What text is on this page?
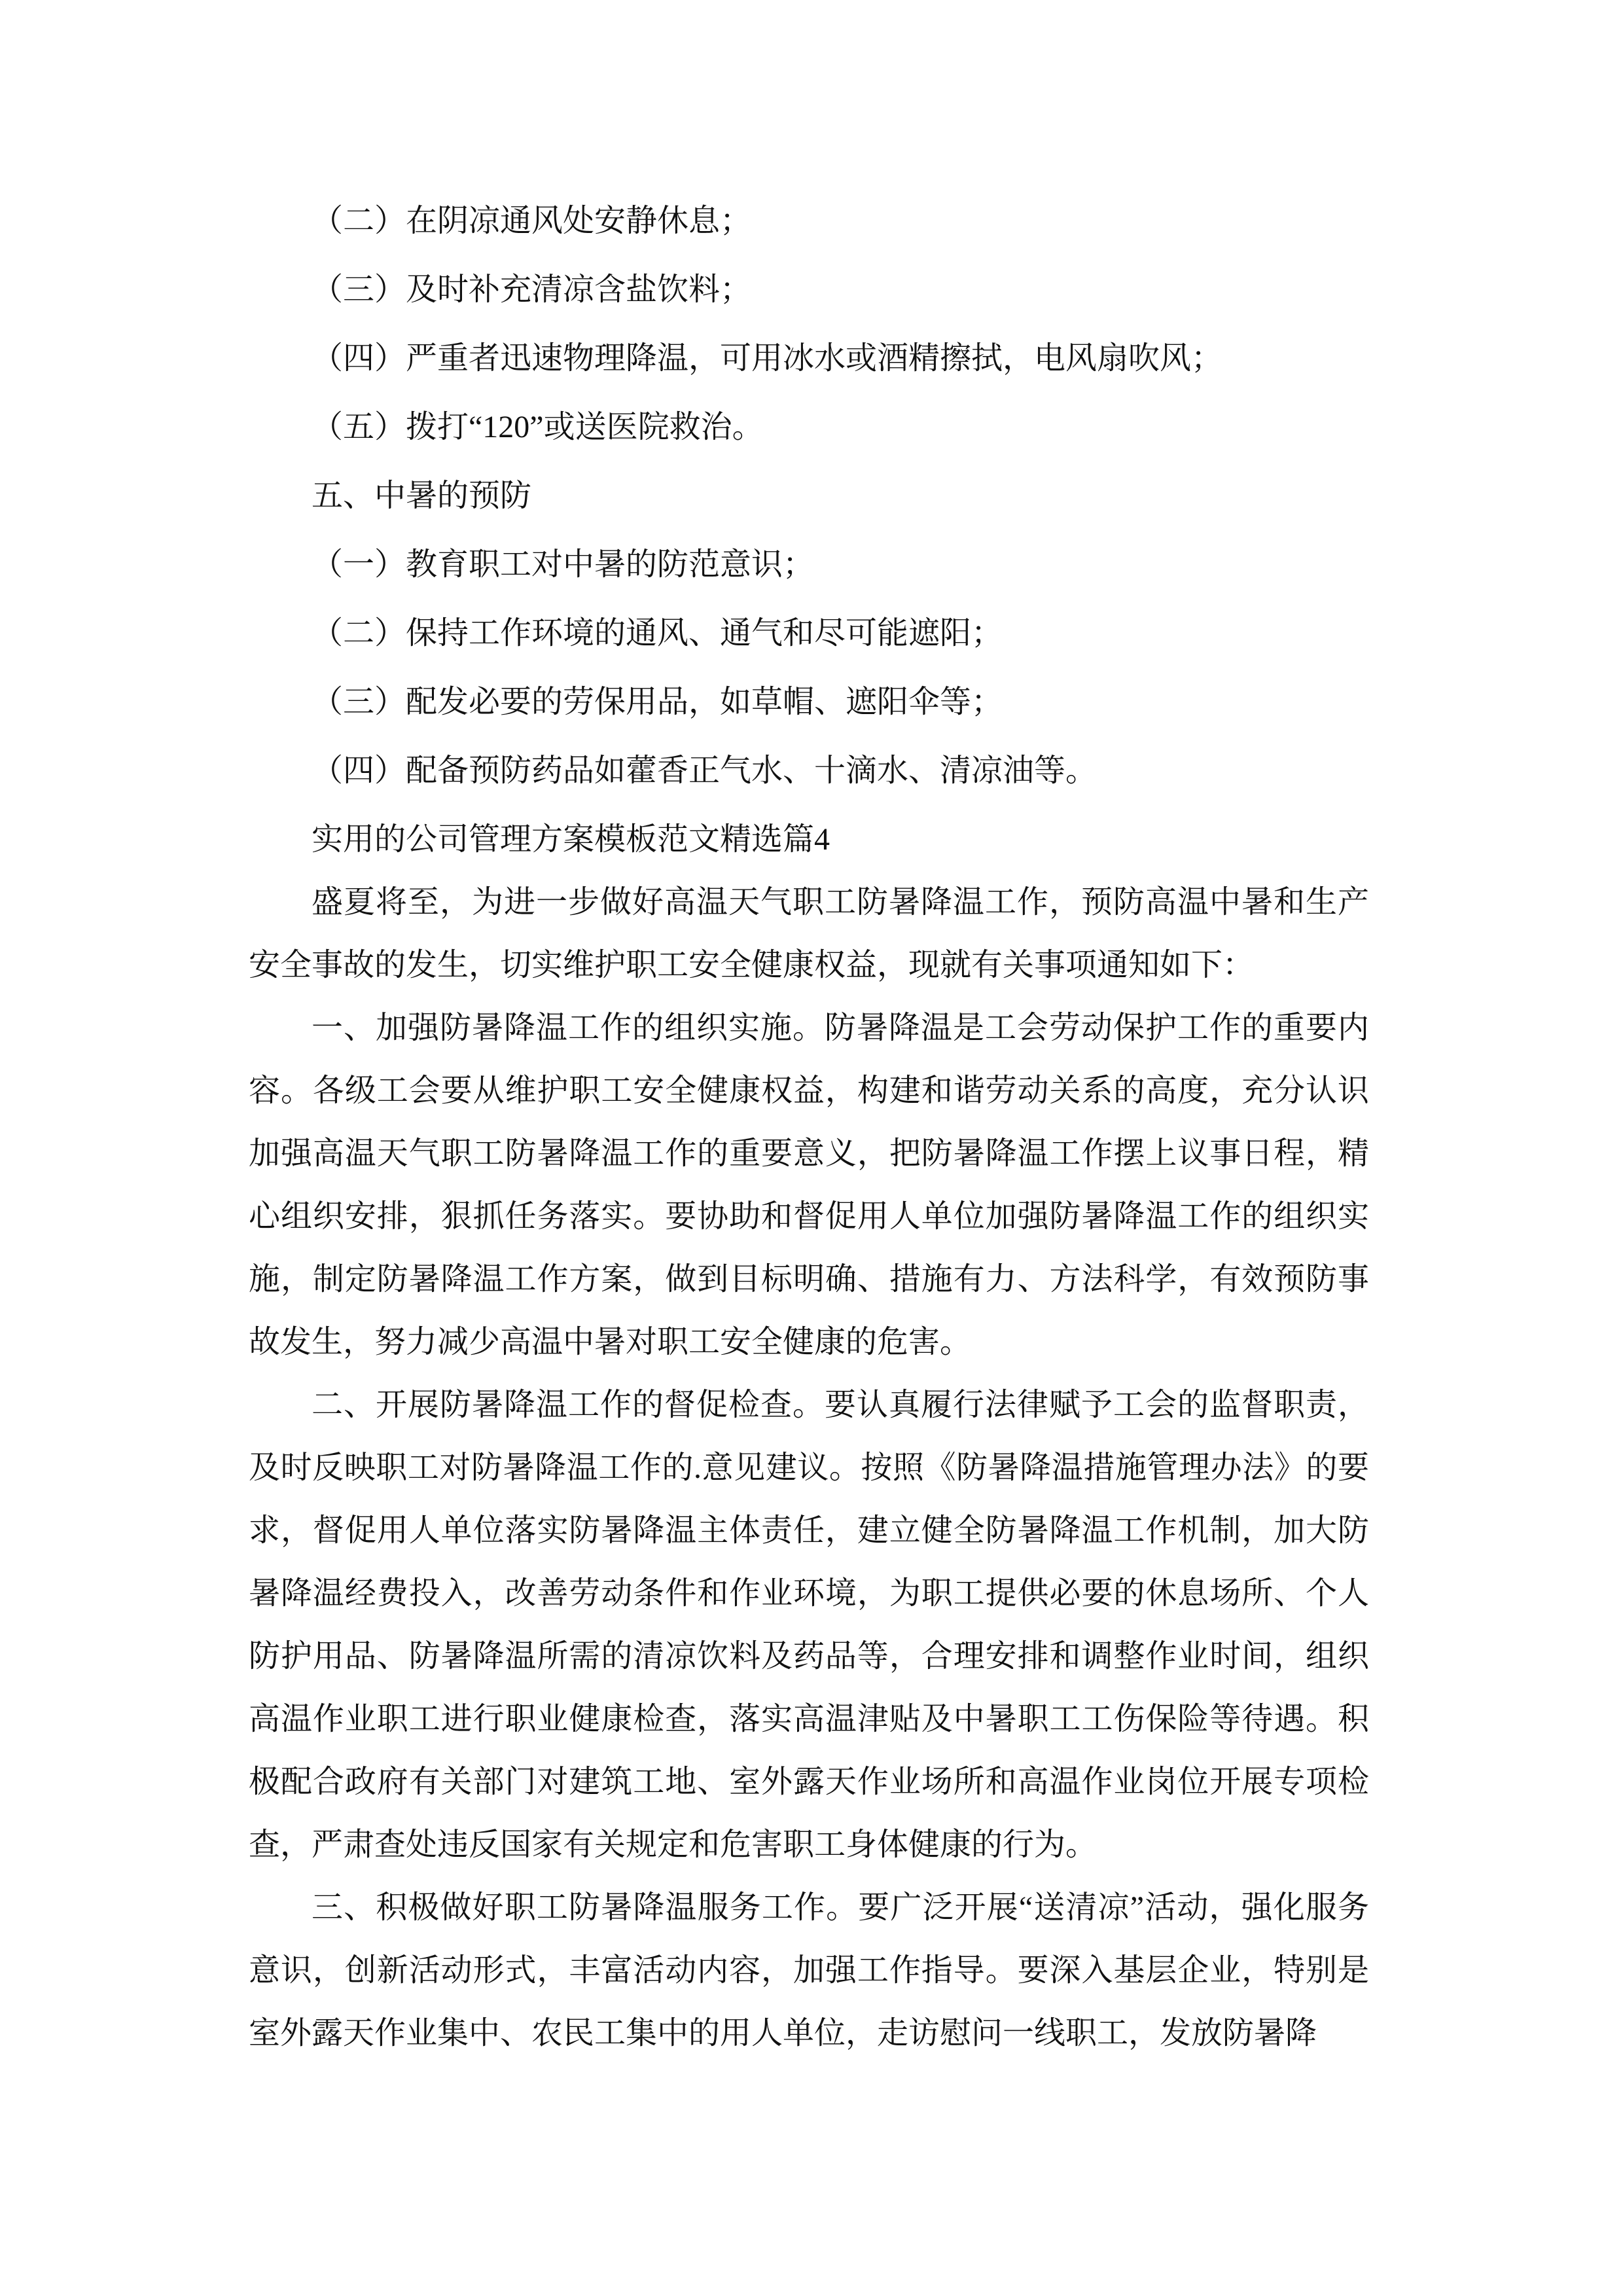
（二）在阴凉通风处安静休息；

（三）及时补充清凉含盐饮料；

（四）严重者迅速物理降温，可用冰水或酒精擦拭，电风扇吹风；

（五）拨打“120”或送医院救治。

五、中暑的预防

（一）教育职工对中暑的防范意识；

（二）保持工作环境的通风、通气和尽可能遮阳；

（三）配发必要的劳保用品，如草帽、遮阳伞等；

（四）配备预防药品如藿香正气水、十滴水、清凉油等。

实用的公司管理方案模板范文精选篇4

盛夏将至，为进一步做好高温天气职工防暑降温工作，预防高温中暑和生产安全事故的发生，切实维护职工安全健康权益，现就有关事项通知如下：

一、加强防暑降温工作的组织实施。防暑降温是工会劳动保护工作的重要内容。各级工会要从维护职工安全健康权益，构建和谐劳动关系的高度，充分认识加强高温天气职工防暑降温工作的重要意义，把防暑降温工作摆上议事日程，精心组织安排，狠抓任务落实。要协助和督促用人单位加强防暑降温工作的组织实施，制定防暑降温工作方案，做到目标明确、措施有力、方法科学，有效预防事故发生，努力减少高温中暑对职工安全健康的危害。

二、开展防暑降温工作的督促检查。要认真履行法律赋予工会的监督职责，及时反映职工对防暑降温工作的.意见建议。按照《防暑降温措施管理办法》的要求，督促用人单位落实防暑降温主体责任，建立健全防暑降温工作机制，加大防暑降温经费投入，改善劳动条件和作业环境，为职工提供必要的休息场所、个人防护用品、防暑降温所需的清凉饮料及药品等，合理安排和调整作业时间，组织高温作业职工进行职业健康检查，落实高温津贴及中暑职工工伤保险等待遇。积极配合政府有关部门对建筑工地、室外露天作业场所和高温作业岗位开展专项检查，严肃查处违反国家有关规定和危害职工身体健康的行为。

三、积极做好职工防暑降温服务工作。要广泛开展“送清凉”活动，强化服务意识，创新活动形式，丰富活动内容，加强工作指导。要深入基层企业，特别是室外露天作业集中、农民工集中的用人单位，走访慰问一线职工，发放防暑降
